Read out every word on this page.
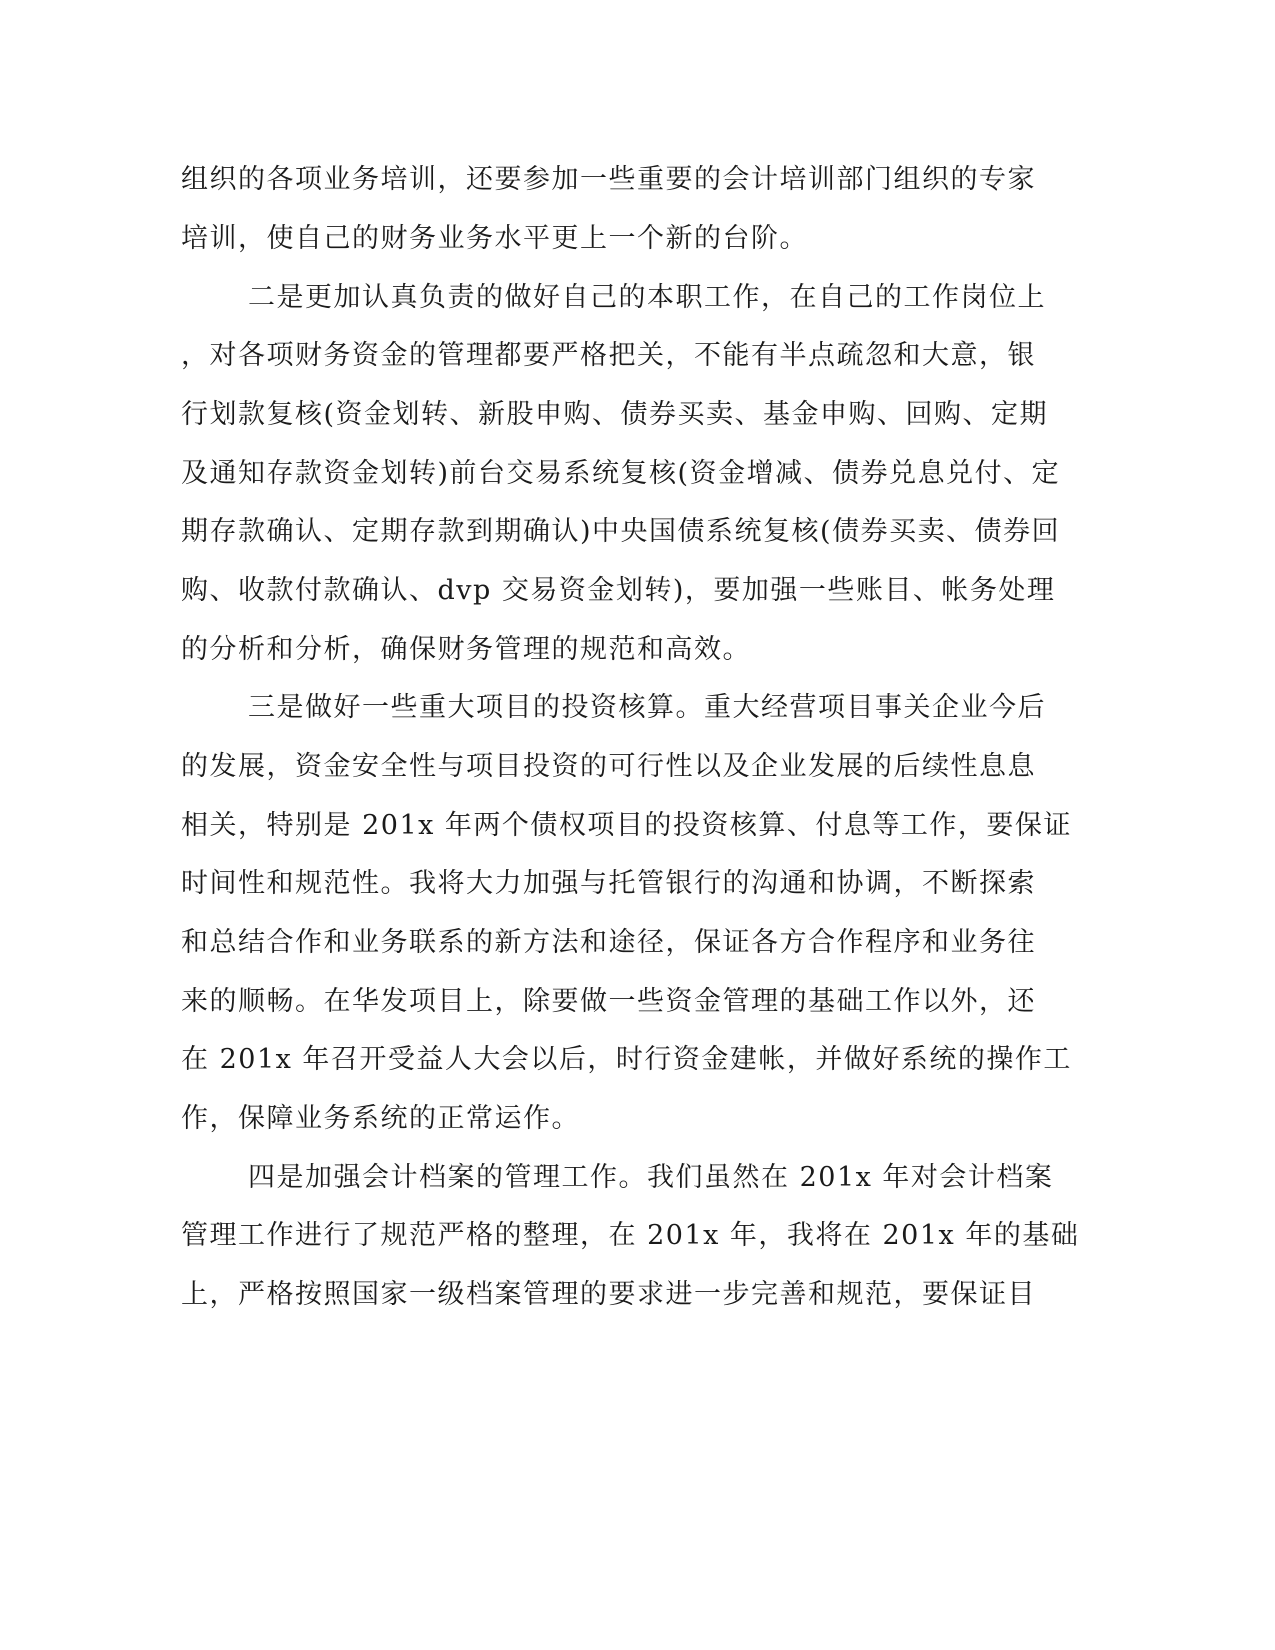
组织的各项业务培训，还要参加一些重要的会计培训部门组织的专家
培训，使自己的财务业务水平更上一个新的台阶。
二是更加认真负责的做好自己的本职工作，在自己的工作岗位上
，对各项财务资金的管理都要严格把关，不能有半点疏忽和大意，银
行划款复核(资金划转、新股申购、债券买卖、基金申购、回购、定期
及通知存款资金划转)前台交易系统复核(资金增减、债券兑息兑付、定
期存款确认、定期存款到期确认)中央国债系统复核(债券买卖、债券回
购、收款付款确认、dvp 交易资金划转)，要加强一些账目、帐务处理
的分析和分析，确保财务管理的规范和高效。
三是做好一些重大项目的投资核算。重大经营项目事关企业今后
的发展，资金安全性与项目投资的可行性以及企业发展的后续性息息
相关，特别是 201x 年两个债权项目的投资核算、付息等工作，要保证
时间性和规范性。我将大力加强与托管银行的沟通和协调，不断探索
和总结合作和业务联系的新方法和途径，保证各方合作程序和业务往
来的顺畅。在华发项目上，除要做一些资金管理的基础工作以外，还
在 201x 年召开受益人大会以后，时行资金建帐，并做好系统的操作工
作，保障业务系统的正常运作。
四是加强会计档案的管理工作。我们虽然在 201x 年对会计档案
管理工作进行了规范严格的整理，在 201x 年，我将在 201x 年的基础
上，严格按照国家一级档案管理的要求进一步完善和规范，要保证目
